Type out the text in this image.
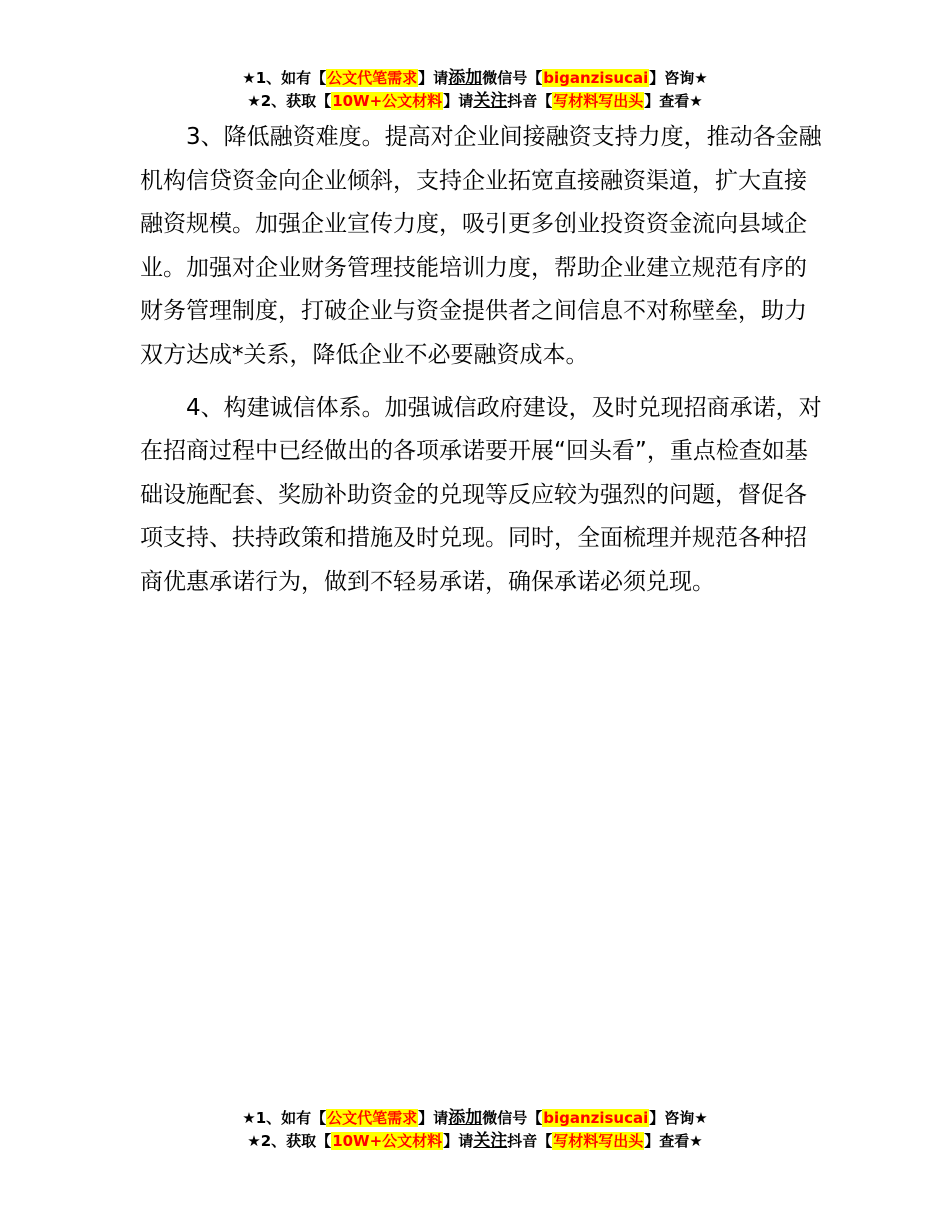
★1、如有【公文代笔需求】请添加微信号【biganzisucai】咨询★
★2、获取【10W+公文材料】请关注抖音【写材料写出头】查看★

3、降低融资难度。提高对企业间接融资支持力度，推动各金融机构信贷资金向企业倾斜，支持企业拓宽直接融资渠道，扩大直接融资规模。加强企业宣传力度，吸引更多创业投资资金流向县域企业。加强对企业财务管理技能培训力度，帮助企业建立规范有序的财务管理制度，打破企业与资金提供者之间信息不对称壁垒，助力双方达成*关系，降低企业不必要融资成本。

4、构建诚信体系。加强诚信政府建设，及时兑现招商承诺，对在招商过程中已经做出的各项承诺要开展“回头看”，重点检查如基础设施配套、奖励补助资金的兑现等反应较为强烈的问题，督促各项支持、扶持政策和措施及时兑现。同时，全面梳理并规范各种招商优惠承诺行为，做到不轻易承诺，确保承诺必须兑现。

★1、如有【公文代笔需求】请添加微信号【biganzisucai】咨询★
★2、获取【10W+公文材料】请关注抖音【写材料写出头】查看★
